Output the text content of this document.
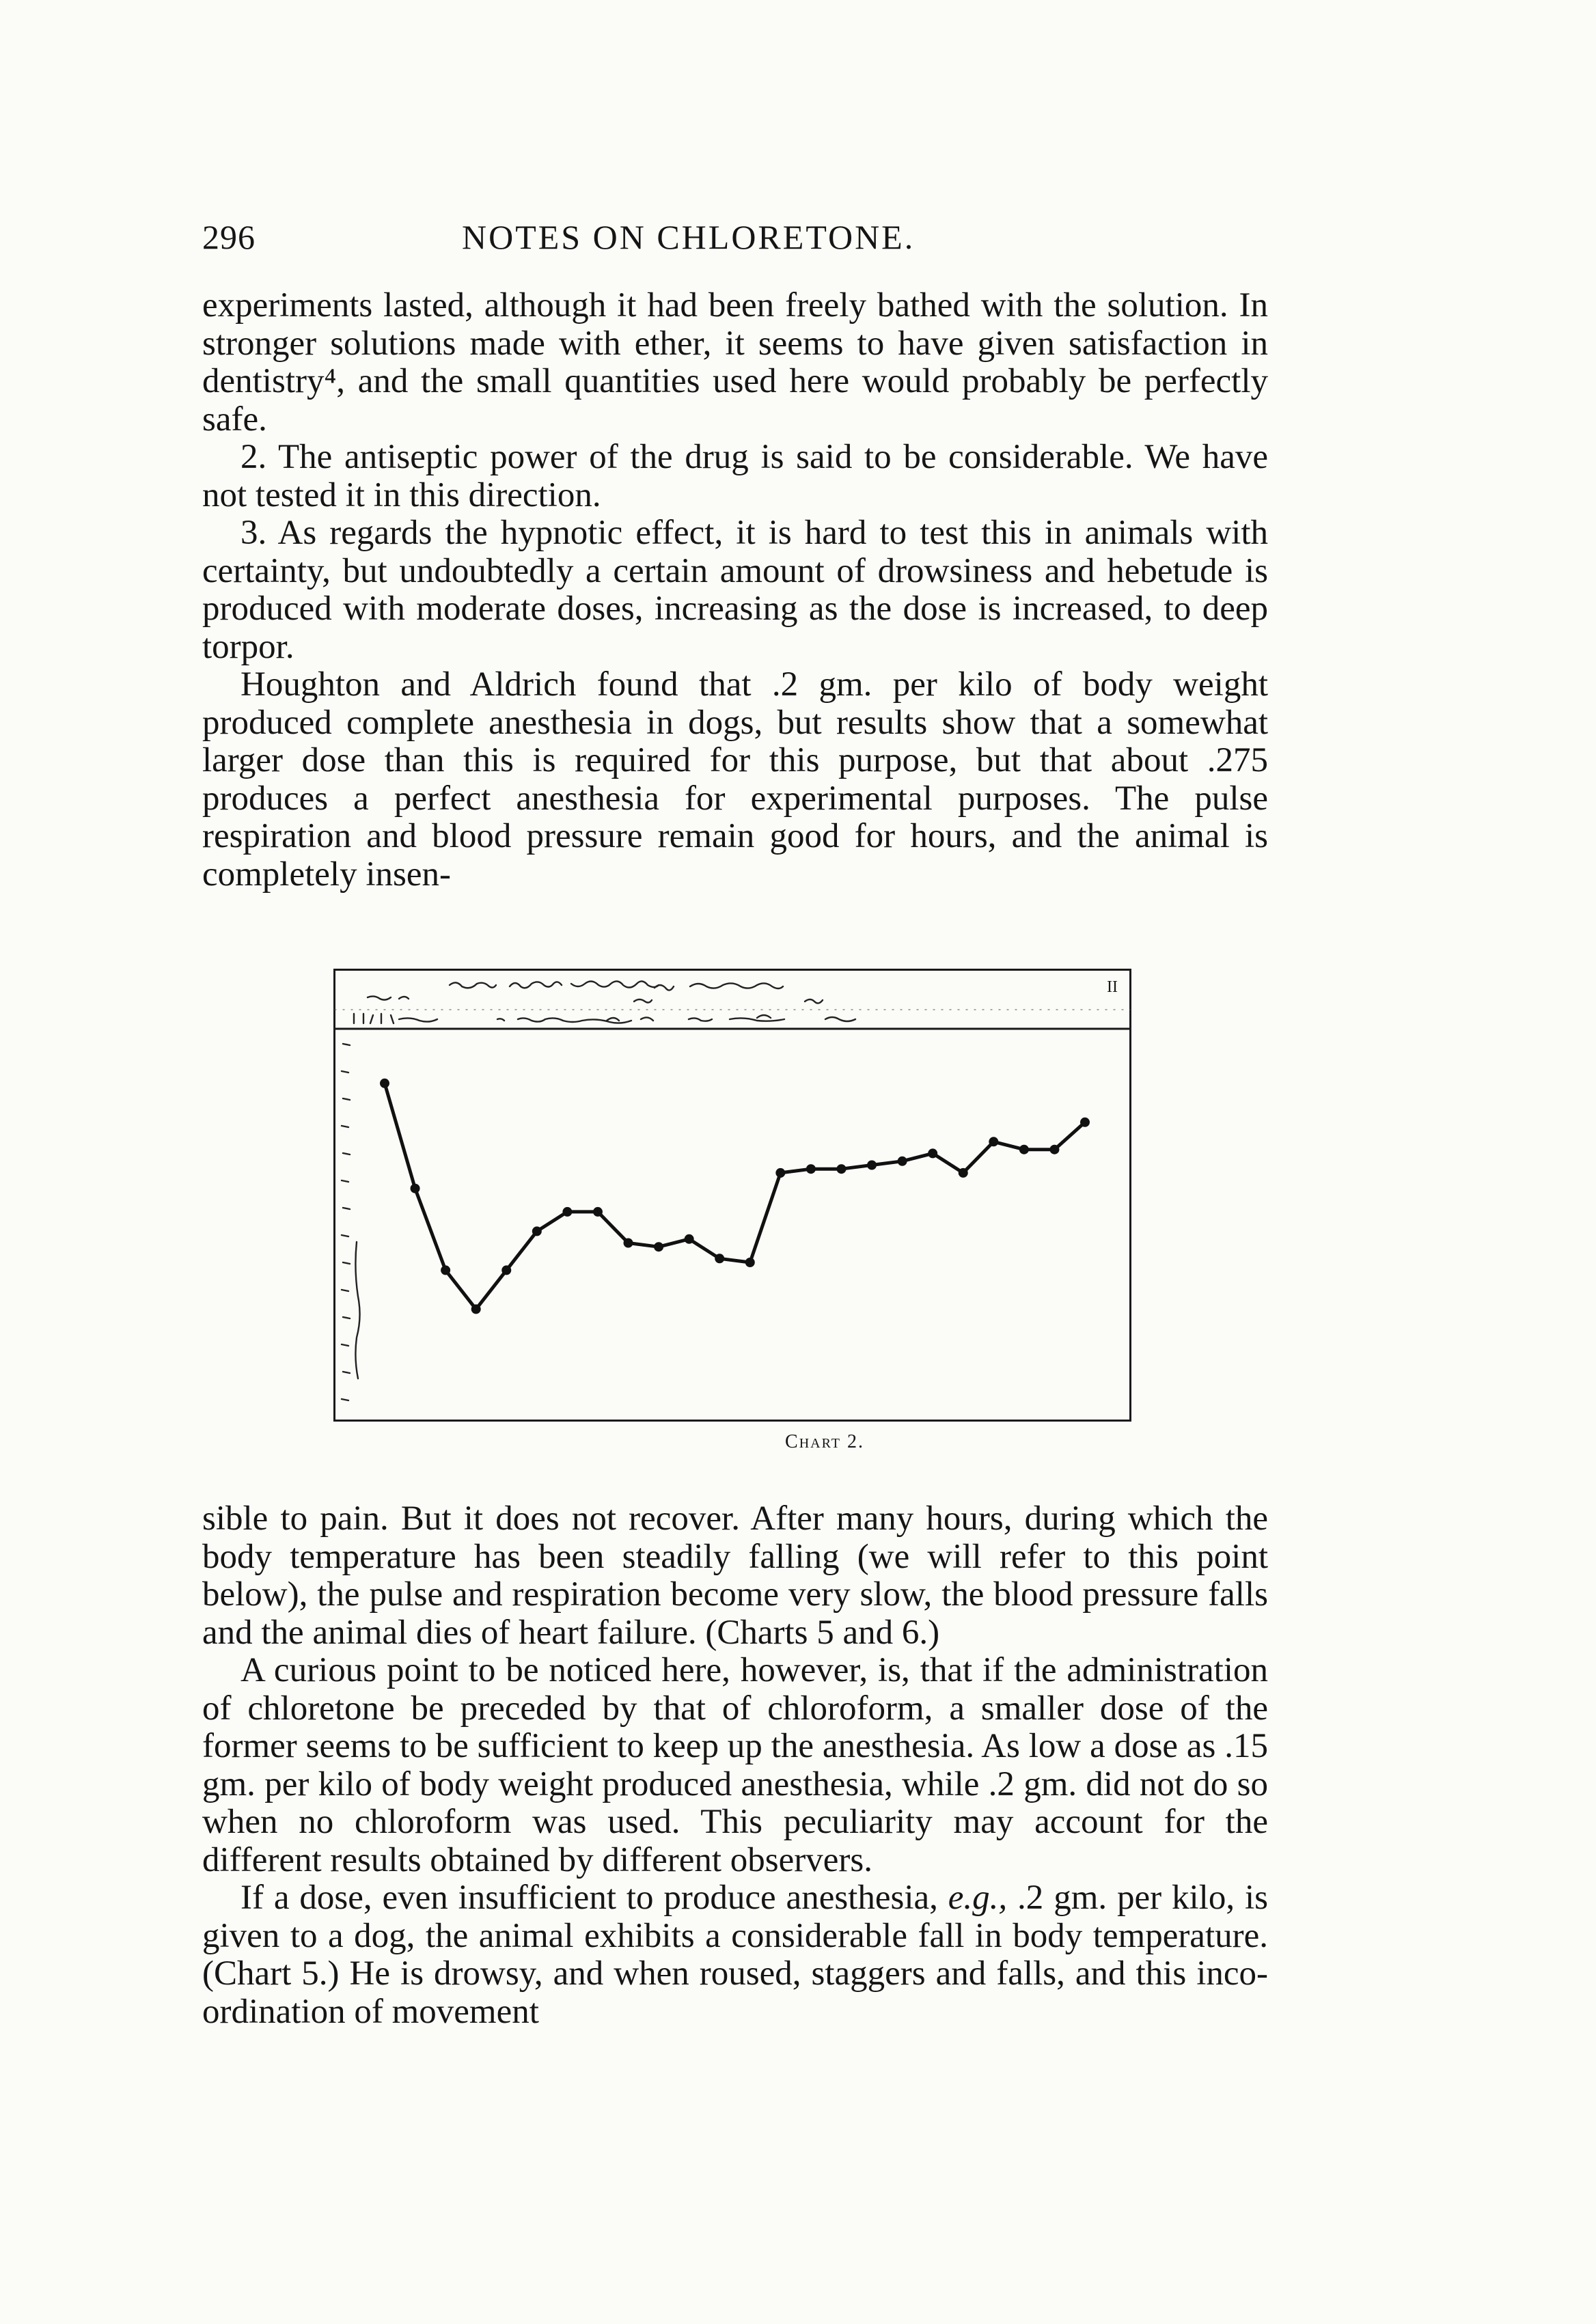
296	NOTES ON CHLORETONE.

experiments lasted, although it had been freely bathed with the solution. In stronger solutions made with ether, it seems to have given satisfaction in dentistry⁴, and the small quantities used here would probably be perfectly safe.

2. The antiseptic power of the drug is said to be considerable. We have not tested it in this direction.

3. As regards the hypnotic effect, it is hard to test this in animals with certainty, but undoubtedly a certain amount of drowsiness and hebetude is produced with moderate doses, increasing as the dose is increased, to deep torpor.

Houghton and Aldrich found that .2 gm. per kilo of body weight produced complete anesthesia in dogs, but results show that a somewhat larger dose than this is required for this purpose, but that about .275 produces a perfect anesthesia for experimental purposes. The pulse respiration and blood pressure remain good for hours, and the animal is completely insen-

II
Chart 2.

sible to pain. But it does not recover. After many hours, during which the body temperature has been steadily falling (we will refer to this point below), the pulse and respiration become very slow, the blood pressure falls and the animal dies of heart failure. (Charts 5 and 6.)

A curious point to be noticed here, however, is, that if the administration of chloretone be preceded by that of chloroform, a smaller dose of the former seems to be sufficient to keep up the anesthesia. As low a dose as .15 gm. per kilo of body weight produced anesthesia, while .2 gm. did not do so when no chloroform was used. This peculiarity may account for the different results obtained by different observers.

If a dose, even insufficient to produce anesthesia, e.g., .2 gm. per kilo, is given to a dog, the animal exhibits a considerable fall in body temperature. (Chart 5.) He is drowsy, and when roused, staggers and falls, and this inco-ordination of movement
